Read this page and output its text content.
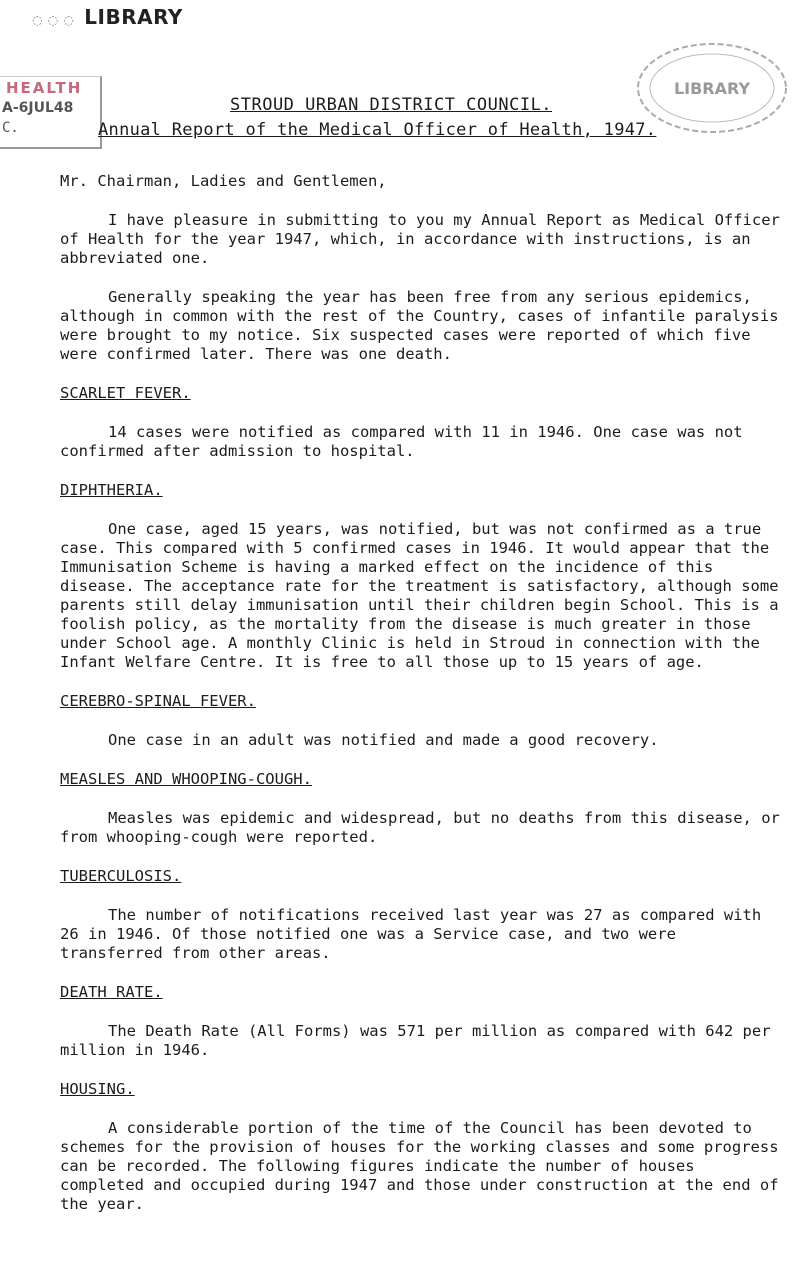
◌ ◌ ◌ LIBRARY
HEALTH
A-6JUL48
C.
LIBRARY
STROUD URBAN DISTRICT COUNCIL.
Annual Report of the Medical Officer of Health, 1947.

Mr. Chairman, Ladies and Gentlemen,

I have pleasure in submitting to you my Annual Report as Medical Officer of Health for the year 1947, which, in accordance with instructions, is an abbreviated one.

Generally speaking the year has been free from any serious epidemics, although in common with the rest of the Country, cases of infantile paralysis were brought to my notice. Six suspected cases were reported of which five were confirmed later. There was one death.

SCARLET FEVER.

14 cases were notified as compared with 11 in 1946. One case was not confirmed after admission to hospital.

DIPHTHERIA.

One case, aged 15 years, was notified, but was not confirmed as a true case. This compared with 5 confirmed cases in 1946. It would appear that the Immunisation Scheme is having a marked effect on the incidence of this disease. The acceptance rate for the treatment is satisfactory, although some parents still delay immunisation until their children begin School. This is a foolish policy, as the mortality from the disease is much greater in those under School age. A monthly Clinic is held in Stroud in connection with the Infant Welfare Centre. It is free to all those up to 15 years of age.

CEREBRO-SPINAL FEVER.

One case in an adult was notified and made a good recovery.

MEASLES AND WHOOPING-COUGH.

Measles was epidemic and widespread, but no deaths from this disease, or from whooping-cough were reported.

TUBERCULOSIS.

The number of notifications received last year was 27 as compared with 26 in 1946. Of those notified one was a Service case, and two were transferred from other areas.

DEATH RATE.

The Death Rate (All Forms) was 571 per million as compared with 642 per million in 1946.

HOUSING.

A considerable portion of the time of the Council has been devoted to schemes for the provision of houses for the working classes and some progress can be recorded. The following figures indicate the number of houses completed and occupied during 1947 and those under construction at the end of the year.
